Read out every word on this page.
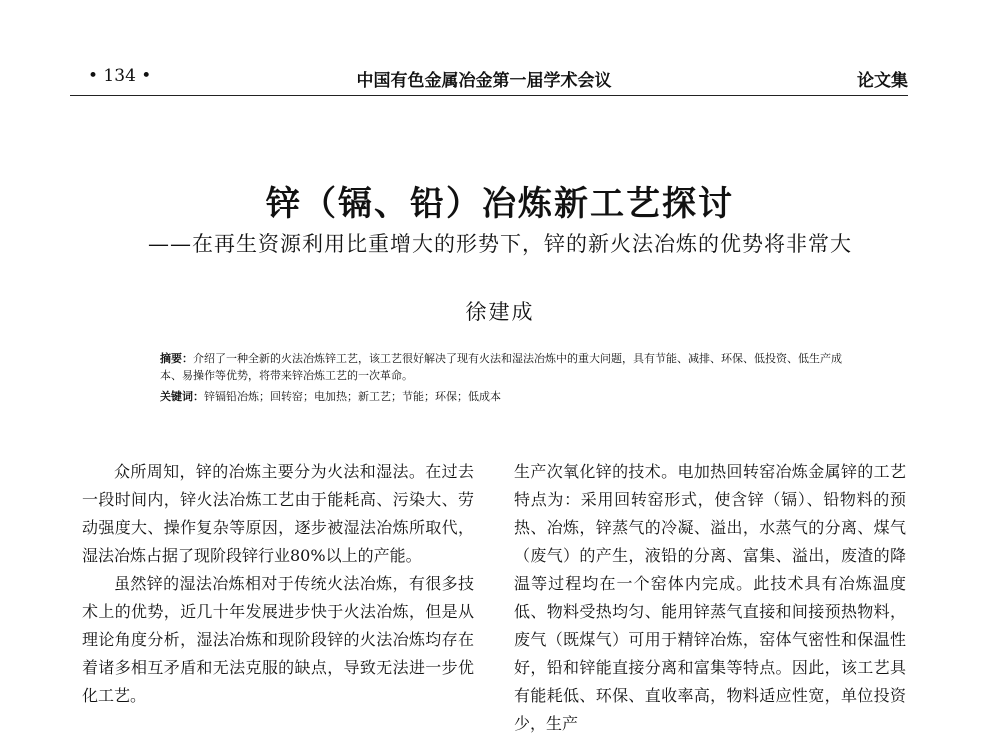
• 134 •	中国有色金属冶金第一届学术会议	论文集
锌（镉、铅）冶炼新工艺探讨
——在再生资源利用比重增大的形势下，锌的新火法冶炼的优势将非常大
徐建成
摘要：介绍了一种全新的火法冶炼锌工艺，该工艺很好解决了现有火法和湿法冶炼中的重大问题，具有节能、减排、环保、低投资、低生产成本、易操作等优势，将带来锌冶炼工艺的一次革命。
关键词：锌镉铅冶炼；回转窑；电加热；新工艺；节能；环保；低成本

众所周知，锌的冶炼主要分为火法和湿法。在过去一段时间内，锌火法冶炼工艺由于能耗高、污染大、劳动强度大、操作复杂等原因，逐步被湿法冶炼所取代，湿法冶炼占据了现阶段锌行业80%以上的产能。

虽然锌的湿法冶炼相对于传统火法冶炼，有很多技术上的优势，近几十年发展进步快于火法冶炼，但是从理论角度分析，湿法冶炼和现阶段锌的火法冶炼均存在着诸多相互矛盾和无法克服的缺点，导致无法进一步优化工艺。

生产次氧化锌的技术。电加热回转窑冶炼金属锌的工艺特点为：采用回转窑形式，使含锌（镉）、铅物料的预热、冶炼，锌蒸气的冷凝、溢出，水蒸气的分离、煤气（废气）的产生，液铅的分离、富集、溢出，废渣的降温等过程均在一个窑体内完成。此技术具有冶炼温度低、物料受热均匀、能用锌蒸气直接和间接预热物料，废气（既煤气）可用于精锌冶炼，窑体气密性和保温性好，铅和锌能直接分离和富集等特点。因此，该工艺具有能耗低、环保、直收率高，物料适应性宽，单位投资少，生产
